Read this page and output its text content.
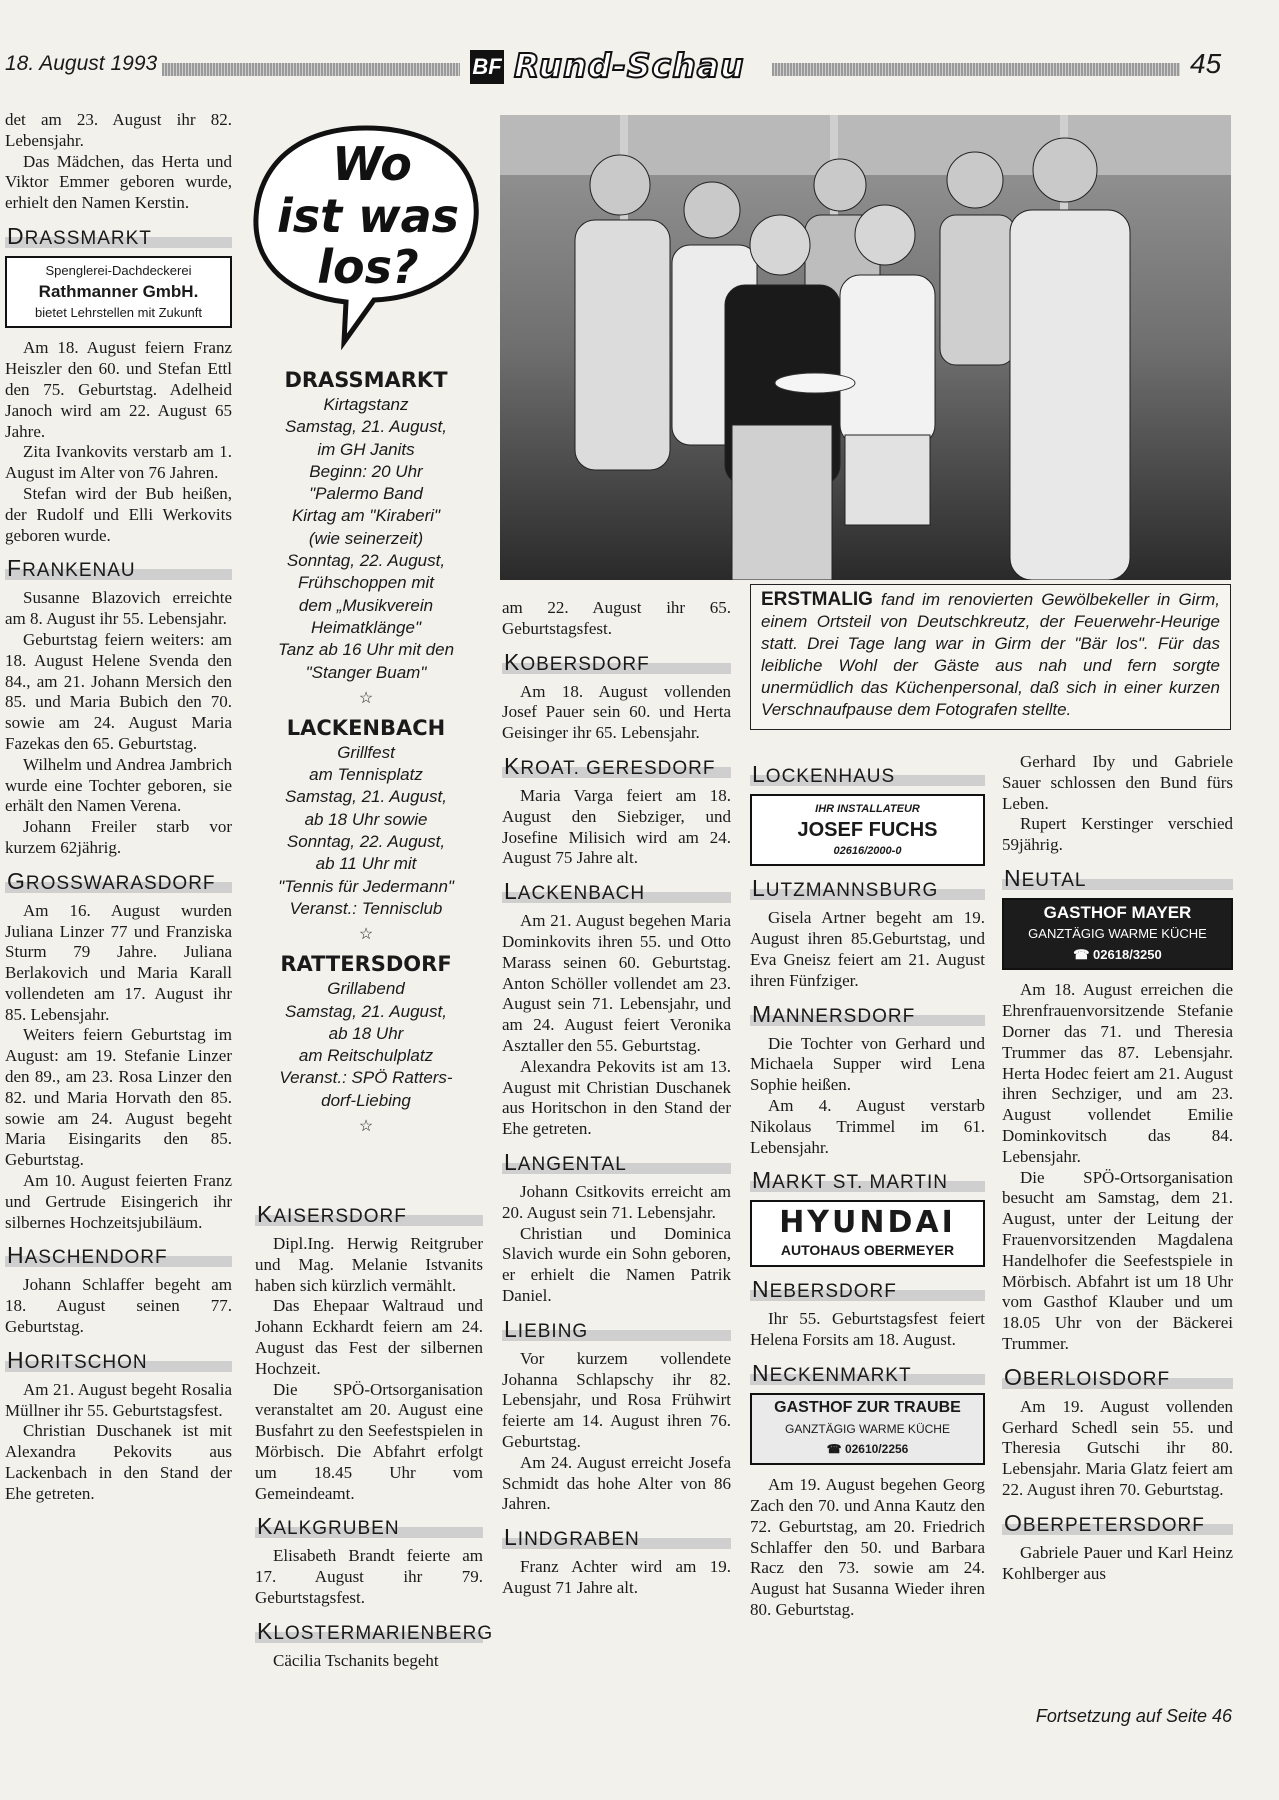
18. August 1993	BF Rund-Schau	45

det am 23. August ihr 82. Lebensjahr.

Das Mädchen, das Herta und Viktor Emmer geboren wurde, erhielt den Namen Kerstin.

DRASSMARKT
Spenglerei-Dachdeckerei
Rathmanner GmbH.
bietet Lehrstellen mit Zukunft

Am 18. August feiern Franz Heiszler den 60. und Stefan Ettl den 75. Geburtstag. Adelheid Janoch wird am 22. August 65 Jahre.

Zita Ivankovits verstarb am 1. August im Alter von 76 Jahren.

Stefan wird der Bub heißen, der Rudolf und Elli Werkovits geboren wurde.

FRANKENAU

Susanne Blazovich erreichte am 8. August ihr 55. Lebensjahr.

Geburtstag feiern weiters: am 18. August Helene Svenda den 84., am 21. Johann Mersich den 85. und Maria Bubich den 70. sowie am 24. August Maria Fazekas den 65. Geburtstag.

Wilhelm und Andrea Jambrich wurde eine Tochter geboren, sie erhält den Namen Verena.

Johann Freiler starb vor kurzem 62jährig.

GROSSWARASDORF

Am 16. August wurden Juliana Linzer 77 und Franziska Sturm 79 Jahre. Juliana Berlakovich und Maria Karall vollendeten am 17. August ihr 85. Lebensjahr.

Weiters feiern Geburtstag im August: am 19. Stefanie Linzer den 89., am 23. Rosa Linzer den 82. und Maria Horvath den 85. sowie am 24. August begeht Maria Eisingarits den 85. Geburtstag.

Am 10. August feierten Franz und Gertrude Eisingerich ihr silbernes Hochzeitsjubiläum.

HASCHENDORF

Johann Schlaffer begeht am 18. August seinen 77. Geburtstag.

HORITSCHON

Am 21. August begeht Rosalia Müllner ihr 55. Geburtstagsfest.

Christian Duschanek ist mit Alexandra Pekovits aus Lackenbach in den Stand der Ehe getreten.

Wo
ist was
los?
DRASSMARKT
Kirtagstanz
Samstag, 21. August,
im GH Janits
Beginn: 20 Uhr
"Palermo Band
Kirtag am "Kiraberi"
(wie seinerzeit)
Sonntag, 22. August,
Frühschoppen mit
dem „Musikverein
Heimatklänge"
Tanz ab 16 Uhr mit den
"Stanger Buam"
☆
LACKENBACH
Grillfest
am Tennisplatz
Samstag, 21. August,
ab 18 Uhr sowie
Sonntag, 22. August,
ab 11 Uhr mit
"Tennis für Jedermann"
Veranst.: Tennisclub
☆
RATTERSDORF
Grillabend
Samstag, 21. August,
ab 18 Uhr
am Reitschulplatz
Veranst.: SPÖ Ratters-
dorf-Liebing
☆
KAISERSDORF

Dipl.Ing. Herwig Reitgruber und Mag. Melanie Istvanits haben sich kürzlich vermählt.

Das Ehepaar Waltraud und Johann Eckhardt feiern am 24. August das Fest der silbernen Hochzeit.

Die SPÖ-Ortsorganisation veranstaltet am 20. August eine Busfahrt zu den Seefestspielen in Mörbisch. Die Abfahrt erfolgt um 18.45 Uhr vom Gemeindeamt.

KALKGRUBEN

Elisabeth Brandt feierte am 17. August ihr 79. Geburtstagsfest.

KLOSTERMARIENBERG

Cäcilia Tschanits begeht

ERSTMALIG fand im renovierten Gewölbekeller in Girm, einem Ortsteil von Deutschkreutz, der Feuerwehr-Heurige statt. Drei Tage lang war in Girm der "Bär los". Für das leibliche Wohl der Gäste aus nah und fern sorgte unermüdlich das Küchenpersonal, daß sich in einer kurzen Verschnaufpause dem Fotografen stellte.

am 22. August ihr 65. Geburtstagsfest.

KOBERSDORF

Am 18. August vollenden Josef Pauer sein 60. und Herta Geisinger ihr 65. Lebensjahr.

KROAT. GERESDORF

Maria Varga feiert am 18. August den Siebziger, und Josefine Milisich wird am 24. August 75 Jahre alt.

LACKENBACH

Am 21. August begehen Maria Dominkovits ihren 55. und Otto Marass seinen 60. Geburtstag. Anton Schöller vollendet am 23. August sein 71. Lebensjahr, und am 24. August feiert Veronika Asztaller den 55. Geburtstag.

Alexandra Pekovits ist am 13. August mit Christian Duschanek aus Horitschon in den Stand der Ehe getreten.

LANGENTAL

Johann Csitkovits erreicht am 20. August sein 71. Lebensjahr.

Christian und Dominica Slavich wurde ein Sohn geboren, er erhielt die Namen Patrik Daniel.

LIEBING

Vor kurzem vollendete Johanna Schlapschy ihr 82. Lebensjahr, und Rosa Frühwirt feierte am 14. August ihren 76. Geburtstag.

Am 24. August erreicht Josefa Schmidt das hohe Alter von 86 Jahren.

LINDGRABEN

Franz Achter wird am 19. August 71 Jahre alt.

LOCKENHAUS
IHR INSTALLATEUR
JOSEF FUCHS
02616/2000-0
LUTZMANNSBURG

Gisela Artner begeht am 19. August ihren 85.Geburtstag, und Eva Gneisz feiert am 21. August ihren Fünfziger.

MANNERSDORF

Die Tochter von Gerhard und Michaela Supper wird Lena Sophie heißen.

Am 4. August verstarb Nikolaus Trimmel im 61. Lebensjahr.

MARKT ST. MARTIN
HYUNDAI
AUTOHAUS OBERMEYER
NEBERSDORF

Ihr 55. Geburtstagsfest feiert Helena Forsits am 18. August.

NECKENMARKT
GASTHOF ZUR TRAUBE
GANZTÄGIG WARME KÜCHE
☎ 02610/2256

Am 19. August begehen Georg Zach den 70. und Anna Kautz den 72. Geburtstag, am 20. Friedrich Schlaffer den 50. und Barbara Racz den 73. sowie am 24. August hat Susanna Wieder ihren 80. Geburtstag.

Gerhard Iby und Gabriele Sauer schlossen den Bund fürs Leben.

Rupert Kerstinger verschied 59jährig.

NEUTAL
GASTHOF MAYER
GANZTÄGIG WARME KÜCHE
☎ 02618/3250

Am 18. August erreichen die Ehrenfrauenvorsitzende Stefanie Dorner das 71. und Theresia Trummer das 87. Lebensjahr. Herta Hodec feiert am 21. August ihren Sechziger, und am 23. August vollendet Emilie Dominkovitsch das 84. Lebensjahr.

Die SPÖ-Ortsorganisation besucht am Samstag, dem 21. August, unter der Leitung der Frauenvorsitzenden Magdalena Handelhofer die Seefestspiele in Mörbisch. Abfahrt ist um 18 Uhr vom Gasthof Klauber und um 18.05 Uhr von der Bäckerei Trummer.

OBERLOISDORF

Am 19. August vollenden Gerhard Schedl sein 55. und Theresia Gutschi ihr 80. Lebensjahr. Maria Glatz feiert am 22. August ihren 70. Geburtstag.

OBERPETERSDORF

Gabriele Pauer und Karl Heinz Kohlberger aus

Fortsetzung auf Seite 46
